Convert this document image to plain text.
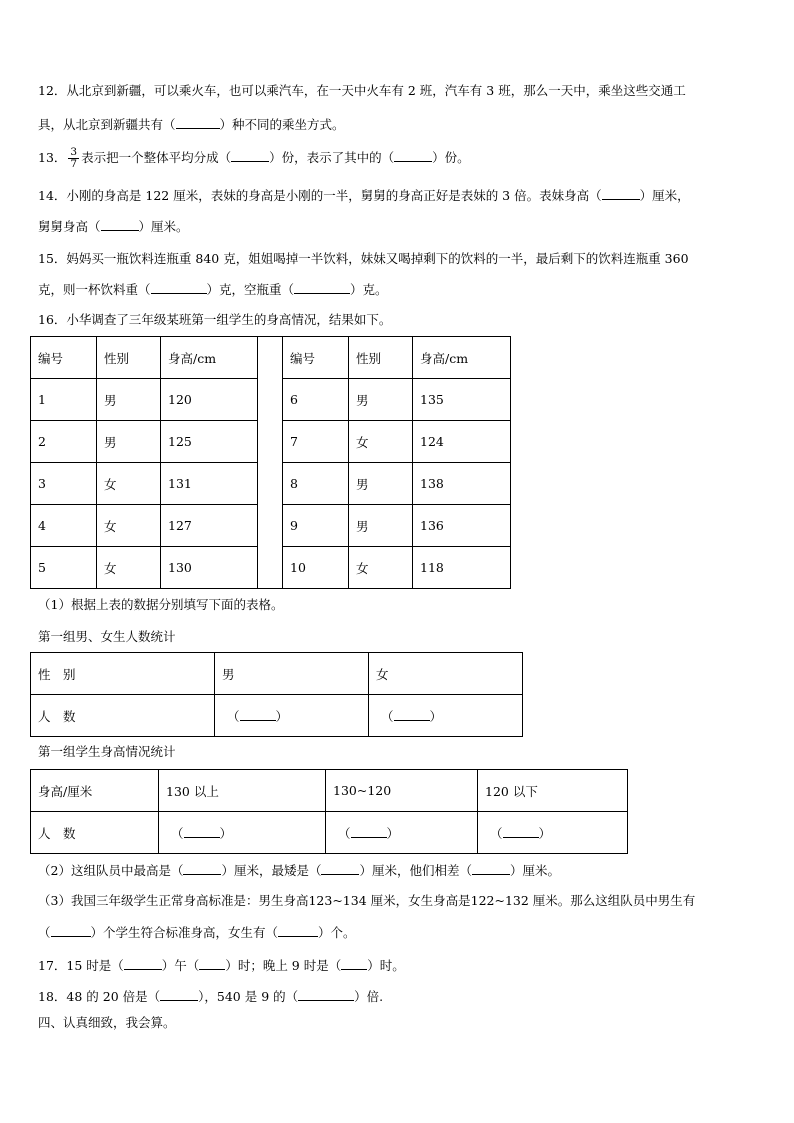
12．从北京到新疆，可以乘火车，也可以乘汽车，在一天中火车有 2 班，汽车有 3 班，那么一天中，乘坐这些交通工
具，从北京到新疆共有（	）种不同的乘坐方式。
13． $\frac{3}{7}$ 表示把一个整体平均分成（	）份，表示了其中的（	）份。
14．小刚的身高是 122 厘米，表妹的身高是小刚的一半，舅舅的身高正好是表妹的 3 倍。表妹身高（	）厘米，
舅舅身高（	）厘米。
15．妈妈买一瓶饮料连瓶重 840 克，姐姐喝掉一半饮料，妹妹又喝掉剩下的饮料的一半，最后剩下的饮料连瓶重 360
克，则一杯饮料重（	）克，空瓶重（	）克。
16．小华调查了三年级某班第一组学生的身高情况，结果如下。
编号	性别	身高/cm		编号	性别	身高/cm
1	男	120		6	男	135
2	男	125		7	女	124
3	女	131		8	男	138
4	女	127		9	男	136
5	女	130		10	女	118
（1）根据上表的数据分别填写下面的表格。
第一组男、女生人数统计
性　别	男	女
人　数	（ ）	（ ）
第一组学生身高情况统计
身高/厘米	130 以上	130~120	120 以下
人　数	（ ）	（ ）	（ ）
（2）这组队员中最高是（	）厘米，最矮是（	）厘米，他们相差（	）厘米。
（3）我国三年级学生正常身高标准是：男生身高123~134 厘米，女生身高是122~132 厘米。那么这组队员中男生有
（	）个学生符合标准身高，女生有（	）个。
17．15 时是（	）午（ ）时；晚上 9 时是（ ）时。
18．48 的 20 倍是（	），540 是 9 的（	）倍.
四、认真细致，我会算。
